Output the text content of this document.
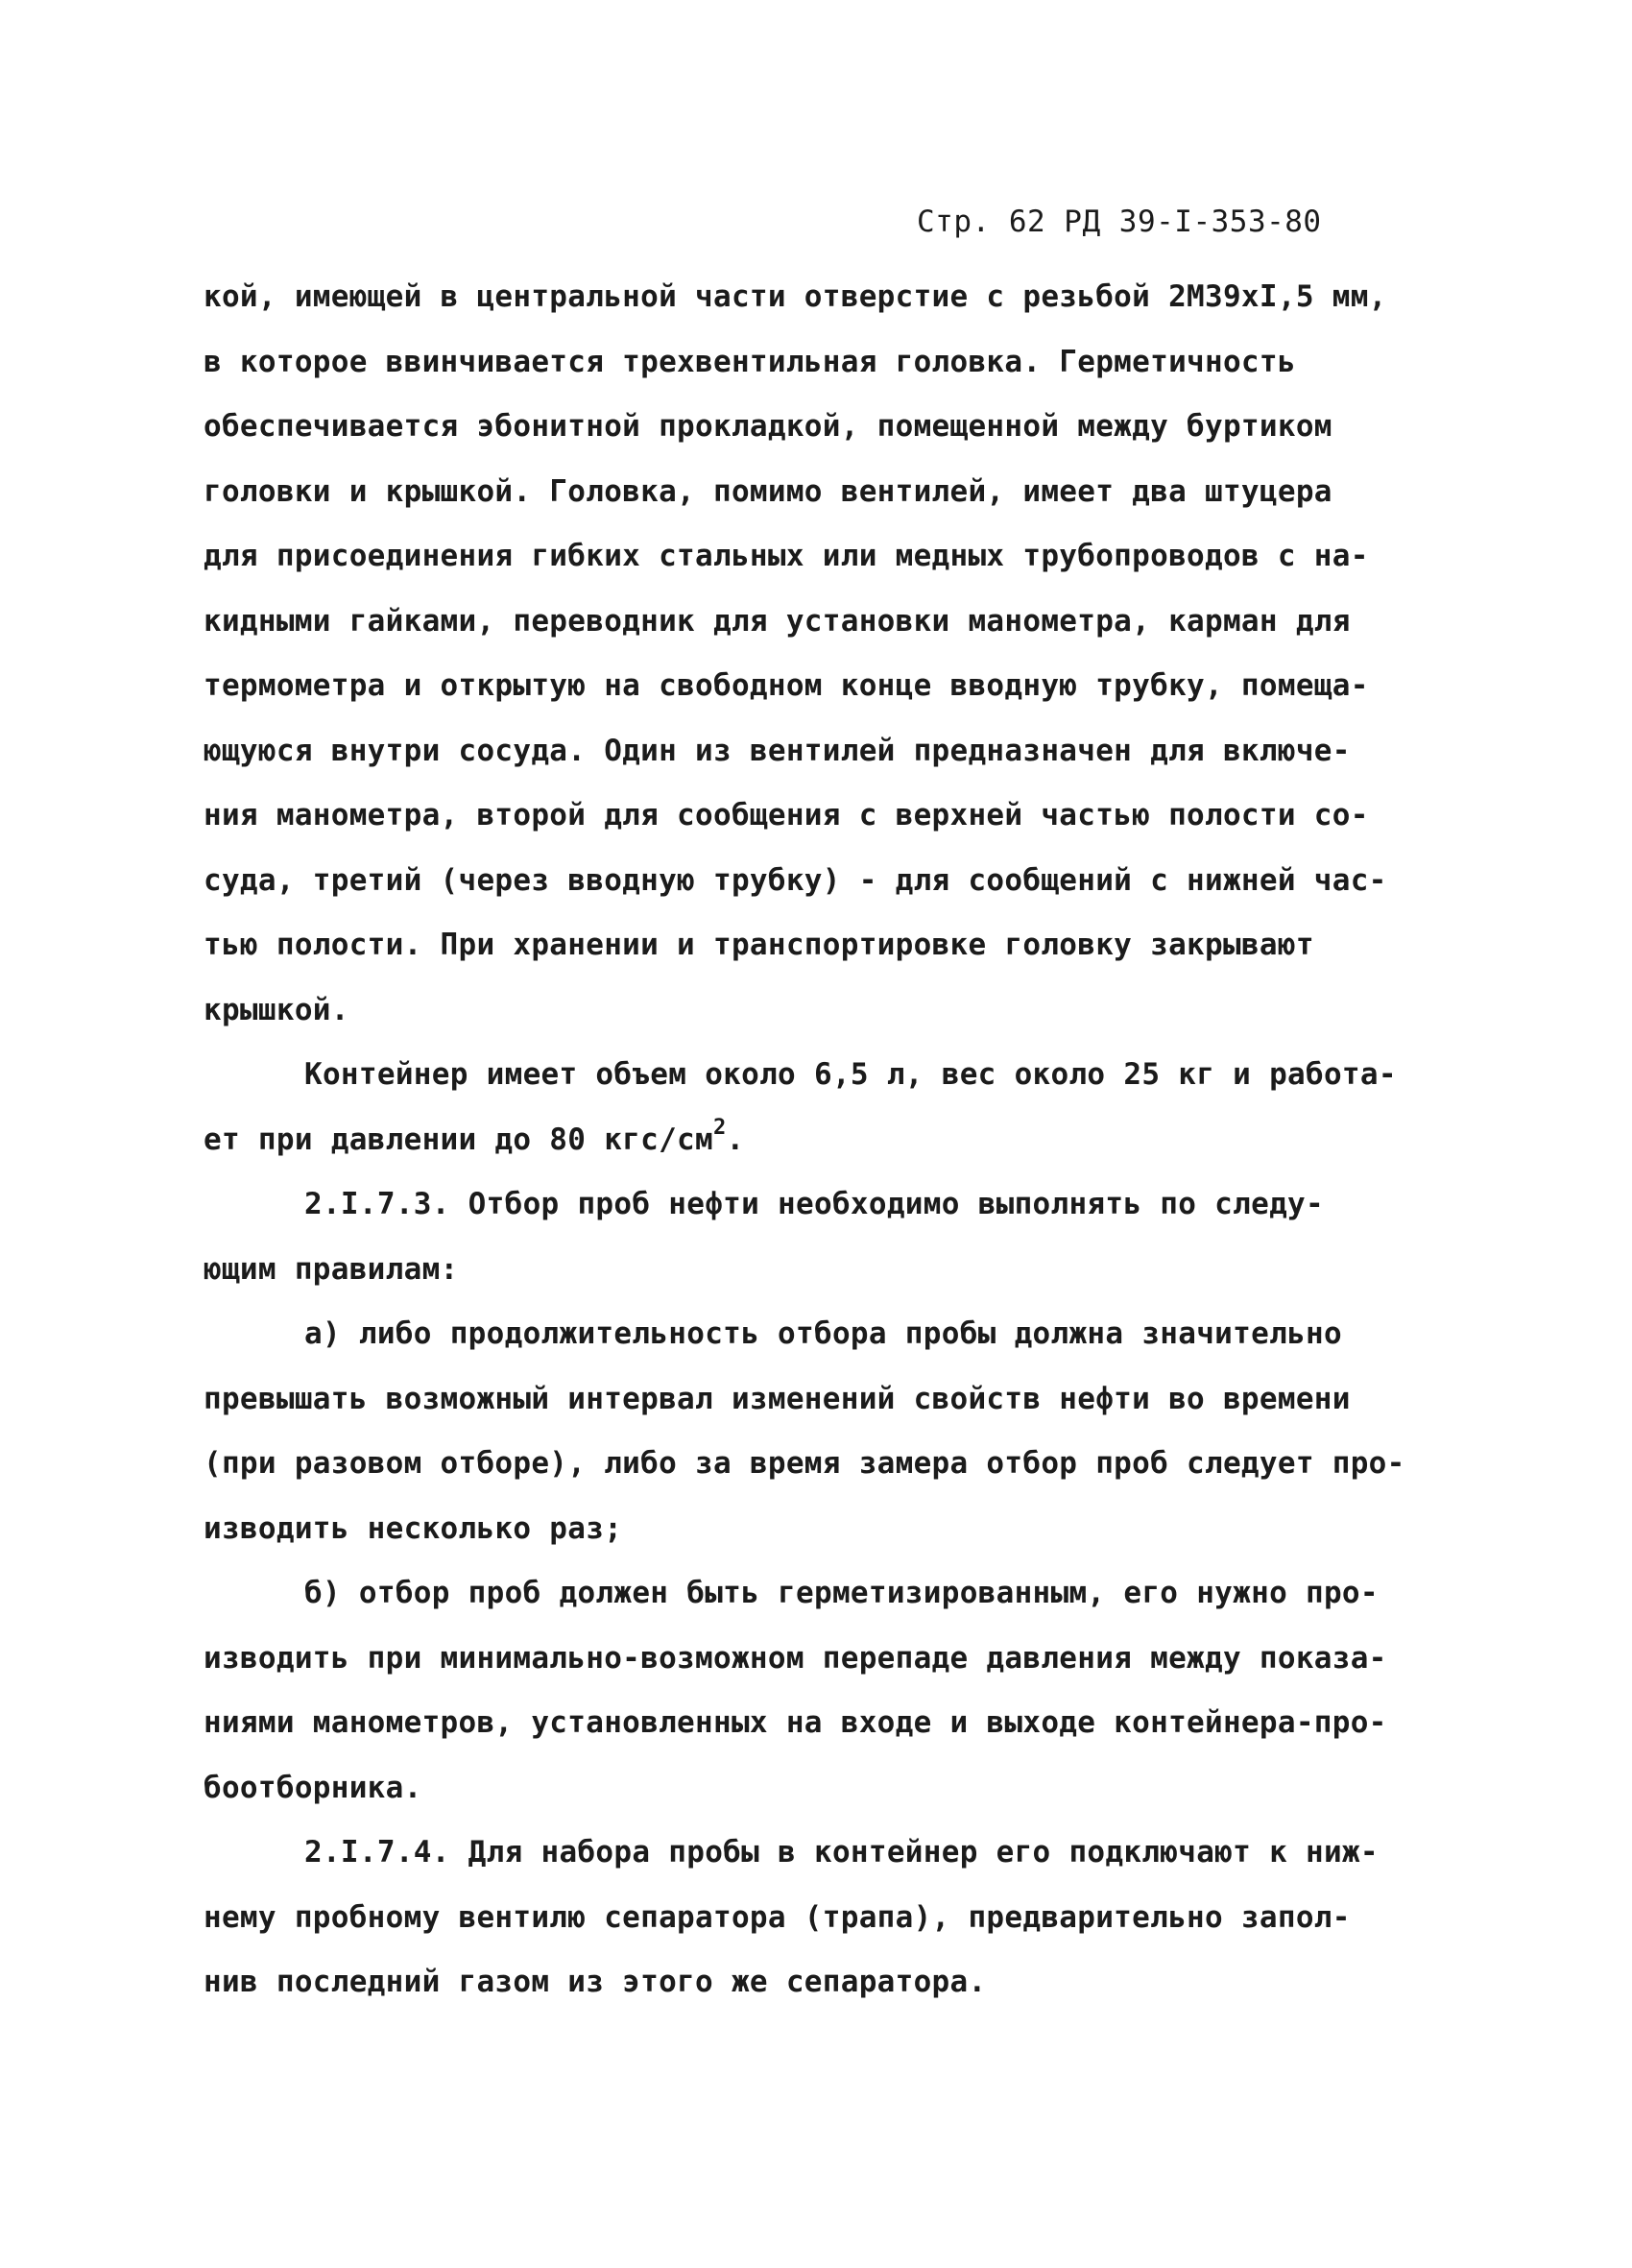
Стр. 62 РД 39-I-353-80
кой, имеющей в центральной части отверстие с резьбой 2М39хI,5 мм,
в которое ввинчивается трехвентильная головка. Герметичность
обеспечивается эбонитной прокладкой, помещенной между буртиком
головки и крышкой. Головка, помимо вентилей, имеет два штуцера
для присоединения гибких стальных или медных трубопроводов с на-
кидными гайками, переводник для установки манометра, карман для
термометра и открытую на свободном конце вводную трубку, помеща-
ющуюся внутри сосуда. Один из вентилей предназначен для включе-
ния манометра, второй для сообщения с верхней частью полости со-
суда, третий (через вводную трубку) - для сообщений с нижней час-
тью полости. При хранении и транспортировке головку закрывают
крышкой.
Контейнер имеет объем около 6,5 л, вес около 25 кг и работа-
ет при давлении до 80 кгс/$см^2$.
2.I.7.3. Отбор проб нефти необходимо выполнять по следу-
ющим правилам:
а) либо продолжительность отбора пробы должна значительно
превышать возможный интервал изменений свойств нефти во времени
(при разовом отборе), либо за время замера отбор проб следует про-
изводить несколько раз;
б) отбор проб должен быть герметизированным, его нужно про-
изводить при минимально-возможном перепаде давления между показа-
ниями манометров, установленных на входе и выходе контейнера-про-
боотборника.
2.I.7.4. Для набора пробы в контейнер его подключают к ниж-
нему пробному вентилю сепаратора (трапа), предварительно запол-
нив последний газом из этого же сепаратора.
